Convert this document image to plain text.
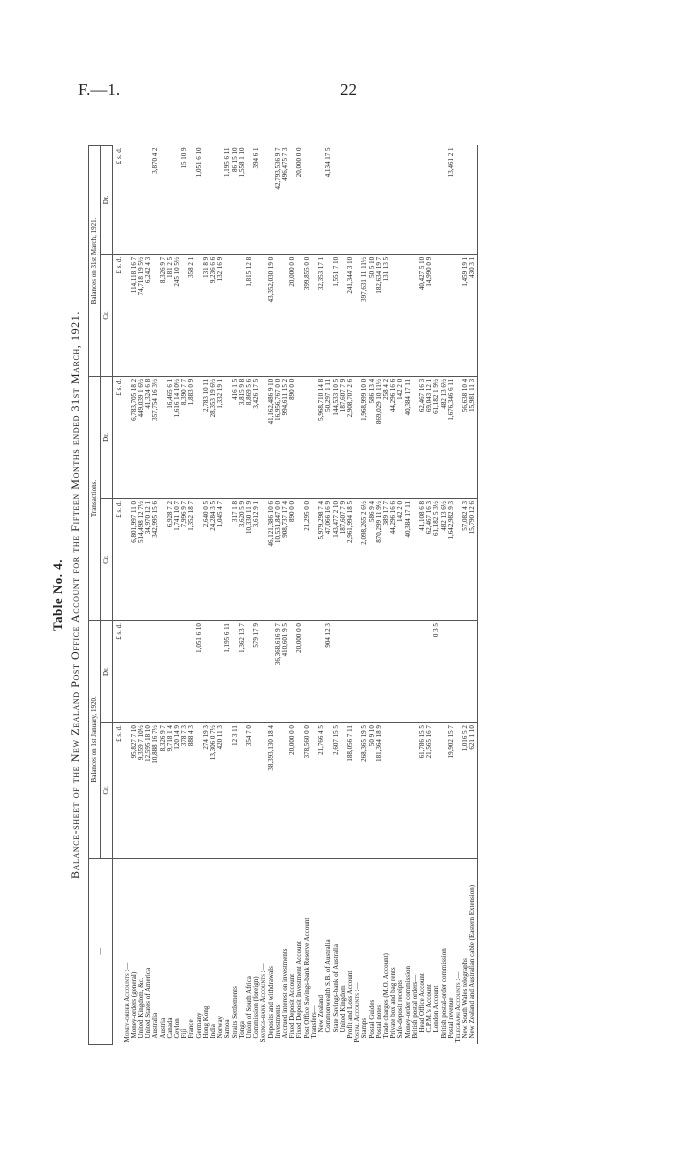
F.—1.	22
Table No. 4. Balance-sheet of the New Zealand Post Office Account for the Fifteen Months ended 31st March, 1921.
—	Balances on 1st January, 1920.		Transactions.		Balances on 31st March, 1921.	
	Cr.	Dr.	Cr.	Dr.	Cr.	Dr.
	£ s. d.	£ s. d.	£ s. d.	£ s. d.	£ s. d.	£ s. d.
Money-order Accounts :—						
Money-orders (general)	95,827 7 10		6,801,997 11 0	6,783,705 18 2	114,118 16 7	
United Kingdom, &c.	9,359 7 10½		514,498 12 7½	449,039 1 6½	74,718 19 5½	
United States of America	12,595 18 10		34,970 12 1	41,324 6 8	6,242 4 3	
Australia	10,888 16 7½		342,995 15 6	357,754 16 3½		3,870 4 2
Austria	8,326 9 7				8,326 9 7	
Canada	9,718 1 4		6,928 7 2	16,465 6 1	181 2 5	
Ceylon	120 14 9		1,741 10 7	1,616 14 10½	245 10 5½	
Fiji	378 7 3		7,996 9 7	8,390 7 7		15 10 9
France	888 4 3		1,352 18 7	1,883 0 9	358 2 1	
Germany		1,051 6 10				1,051 6 10
Hong Kong	274 19 3		2,640 0 5	2,783 10 11	131 8 9	
India	13,306 0 7½		24,284 3 5	28,353 19 6½	9,236 6 6	
Norway	420 11 3		1,045 4 7	1,332 19 1	132 16 9	
Samoa		1,195 6 11				1,195 6 11
Straits Settlements	12 3 11		317 1 8	416 1 5		86 15 10
Tonga		1,362 13 7	3,620 5 9	3,815 9 8		1,558 1 10
Union of South Africa	354 7 0		10,330 11 9	8,869 5 6	1,815 12 8	
Commission (foreign)		579 17 9	3,612 9 1	3,426 17 5		394 6 1
Savings-bank Accounts :—						
Deposits and withdrawals	38,393,130 18 4		46,121,386 10 6	41,162,486 9 10	43,352,030 19 0	
Investments		36,368,616 9 7	10,531,847 0 0	16,956,767 0 0		42,793,536 9 7
Accrued interest on investments		410,601 9 5	908,737 17 4	994,611 15 2		496,475 7 3
Fixed Deposit Account	20,000 0 0		890 0 0	890 0 0	20,000 0 0	
Fixed Deposit Investment Account		20,000 0 0				20,000 0 0
Post Office Savings-bank Reserve Account	378,560 0 0		21,295 0 0		399,855 0 0	
Transfers—						
New Zealand	21,766 4 5		5,979,298 7 4	5,968,710 14 8	32,353 17 1	
Commonwealth S.B. of Australia		904 12 3	47,066 16 9	50,297 1 11		4,134 17 5
State Savings-bank of Australia	2,607 15 5		143,477 2 10	144,533 10 5	1,551 7 10	
United Kingdom			187,607 7 9	187,607 7 9		
Profit and Loss Account	188,056 7 11		2,961,994 18 5	2,908,707 2 6	241,344 3 10	
Postal Accounts :—						
Stamps	268,365 19 5		2,098,265 2 6½	1,968,999 10 0	397,631 11 11½	
Postal Guides	50 9 10		586 9 4	586 13 4	50 5 10	
Postal notes	181,364 18 9		870,299 11 9½	869,029 10 11½	182,634 19 7	
Trade charges (M.O. Account)			389 17 7	258 4 2	131 13 5	
Private box and bag rents			44,296 16 6	44,296 16 6		
Safe-deposit receipts			142 2 0	142 2 0		
Money-order commission			40,384 17 11	40,384 17 11		
British postal orders—						
Head Office Account	61,786 15 5		41,108 6 8	62,467 16 3	40,427 5 10	
C.P.M.'s Account	21,565 16 7		62,467 16 3	69,043 12 1	14,990 0 9	
London Account		0 3 5	61,182 5 3½	61,182 1 9½		
British postal-order commission			482 13 6½	482 13 6½		
Postal revenue	19,902 15 7		1,642,982 9 3	1,676,346 6 11		13,461 2 1
Telegraph Accounts :—						
New South Wales telegraphs	1,016 5 2		57,082 4 3	56,638 10 4	1,459 19 1	
New Zealand and Australian cable (Eastern Extension)	621 1 10		15,790 12 6	15,981 11 3	430 3 1	
